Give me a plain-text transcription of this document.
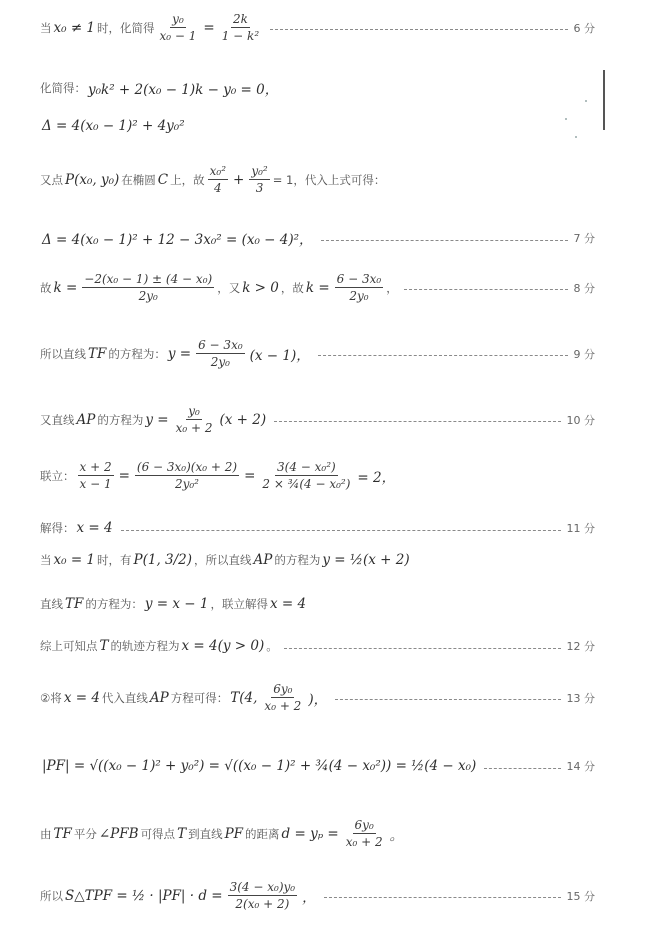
当 x₀ ≠ 1 时，化简得 $\frac{\text{y₀}}{\text{x₀ − 1}} = \frac{2k}{\text{1 − k²}}$	6 分
化简得： y₀k² + 2(x₀ − 1)k − y₀ = 0，
Δ = 4(x₀ − 1)² + 4y₀²
又点 P(x₀, y₀) 在椭圆 C 上，故 $\frac{\text{x₀²}}{4} + \frac{\text{y₀²}}{3} = 1$，代入上式可得：
Δ = 4(x₀ − 1)² + 12 − 3x₀² = (x₀ − 4)²，	7 分
故 $k = \frac{\text{−2(x₀ − 1) ± (4 − x₀)}}{\text{2y₀}}$ ，又 k > 0 ，故 $k = \frac{\text{6 − 3x₀}}{\text{2y₀}}$ ，	8 分
所以直线 TF 的方程为： $y = \frac{\text{6 − 3x₀}}{\text{2y₀}} (x - 1)$，	9 分
又直线 AP 的方程为 $y = \frac{\text{y₀}}{\text{x₀ + 2}} (x + 2)$	10 分
联立： $\frac{x + 2}{x - 1} = \frac{\text{(6 − 3x₀)(x₀ + 2)}}{\text{2y₀²}} = \frac{\text{3(4 − x₀²)}}{\text{2 × ¾(4 − x₀²)}} = 2$，
解得： x = 4	11 分
当 x₀ = 1 时，有 P(1, 3/2) ，所以直线 AP 的方程为 y = ½(x + 2)
直线 TF 的方程为： y = x − 1 ，联立解得 x = 4
综上可知点 T 的轨迹方程为 x = 4(y > 0) 。	12 分
②将 x = 4 代入直线 AP 方程可得： T(4, $\frac{\text{6y₀}}{\text{x₀ + 2}}$ )，	13 分
|PF| = √((x₀ − 1)² + y₀²) = √((x₀ − 1)² + ¾(4 − x₀²)) = ½(4 − x₀)	14 分
由 TF 平分 ∠PFB 可得点 T 到直线 PF 的距离 $d = y_p = \frac{\text{6y₀}}{\text{x₀ + 2}}$ 。
所以 S△TPF = ½ · $|PF| \cdot d = \frac{\text{3(4 − x₀)y₀}}{\text{2(x₀ + 2)}}$ ，	15 分
